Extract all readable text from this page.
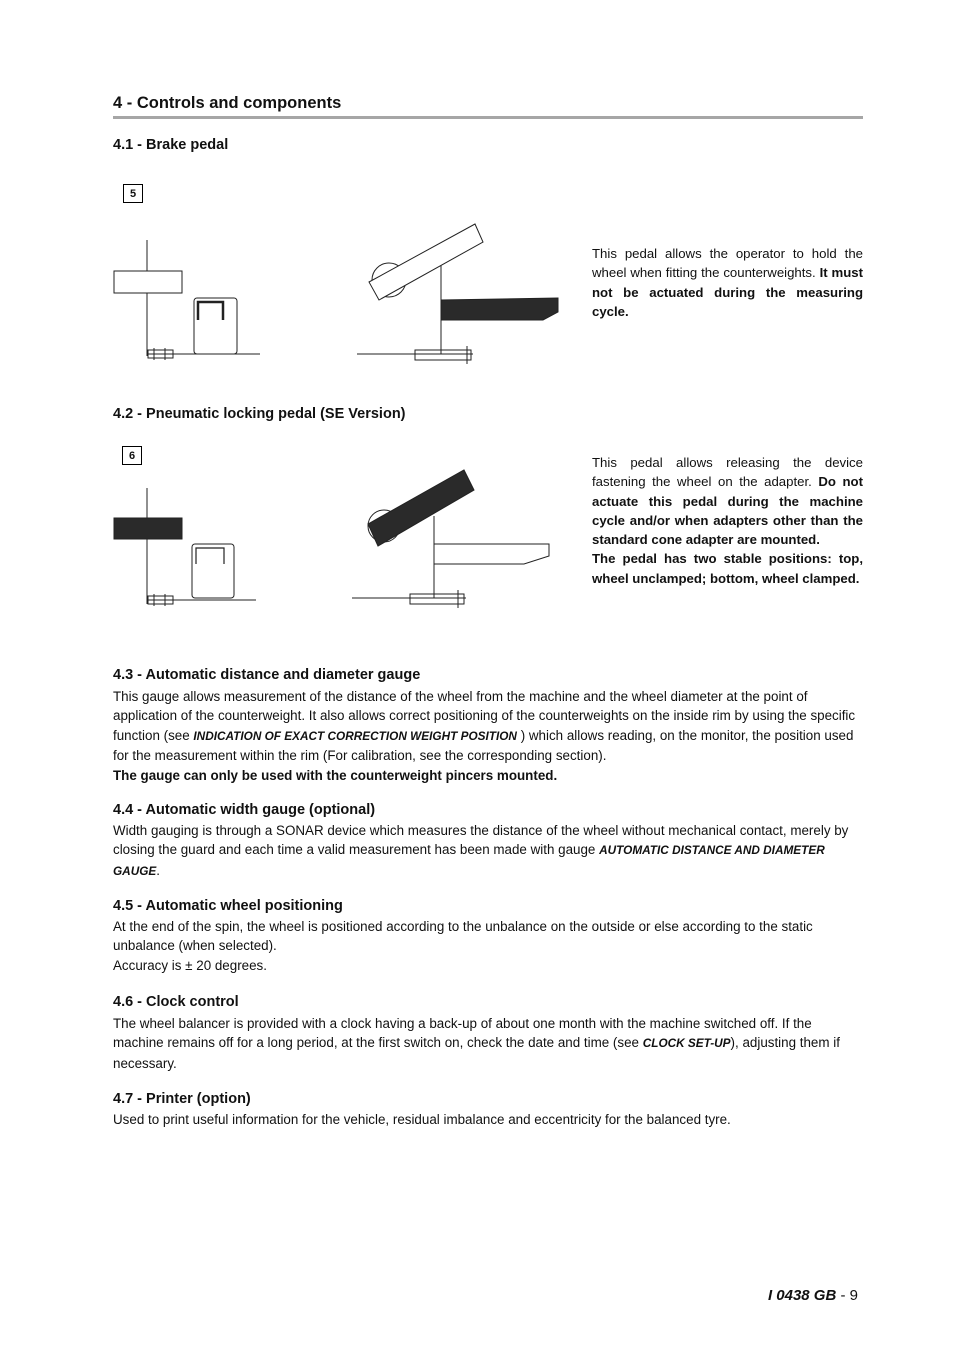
4 - Controls and components
4.1 - Brake pedal
5
This pedal allows the operator to hold the wheel when fitting the counterweights. It must not be actuated during the measuring cycle.
4.2 - Pneumatic locking pedal (SE Version)
6	This pedal allows releasing the device fastening the wheel on the adapter. Do not actuate this pedal during the machine cycle and/or when adapters other than the standard cone adapter are mounted.
The pedal has two stable positions: top, wheel unclamped; bottom, wheel clamped.
4.3 - Automatic distance and diameter gauge
This gauge allows measurement of the distance of the wheel from the machine and the wheel diameter at the point of application of the counterweight. It also allows correct positioning of the counterweights on the inside rim by using the specific function (see INDICATION OF EXACT CORRECTION WEIGHT POSITION ) which allows reading, on the monitor, the position used for the measurement within the rim (For calibration, see the corresponding section).
The gauge can only be used with the counterweight pincers mounted.
4.4 - Automatic width gauge (optional)
Width gauging is through a SONAR device which measures the distance of the wheel without mechanical contact, merely by closing the guard and each time a valid measurement has been made with gauge AUTOMATIC DISTANCE AND DIAMETER GAUGE.
4.5 - Automatic wheel positioning
At the end of the spin, the wheel is positioned according to the unbalance on the outside or else according to the static unbalance (when selected).
Accuracy is ± 20 degrees.
4.6 - Clock control
The wheel balancer is provided with a clock having a back-up of about one month with the machine switched off. If the machine remains off for a long period, at the first switch on, check the date and time (see CLOCK SET-UP), adjusting them if necessary.
4.7 - Printer (option)
Used to print useful information for the vehicle, residual imbalance and eccentricity for the balanced tyre.
I 0438 GB - 9
